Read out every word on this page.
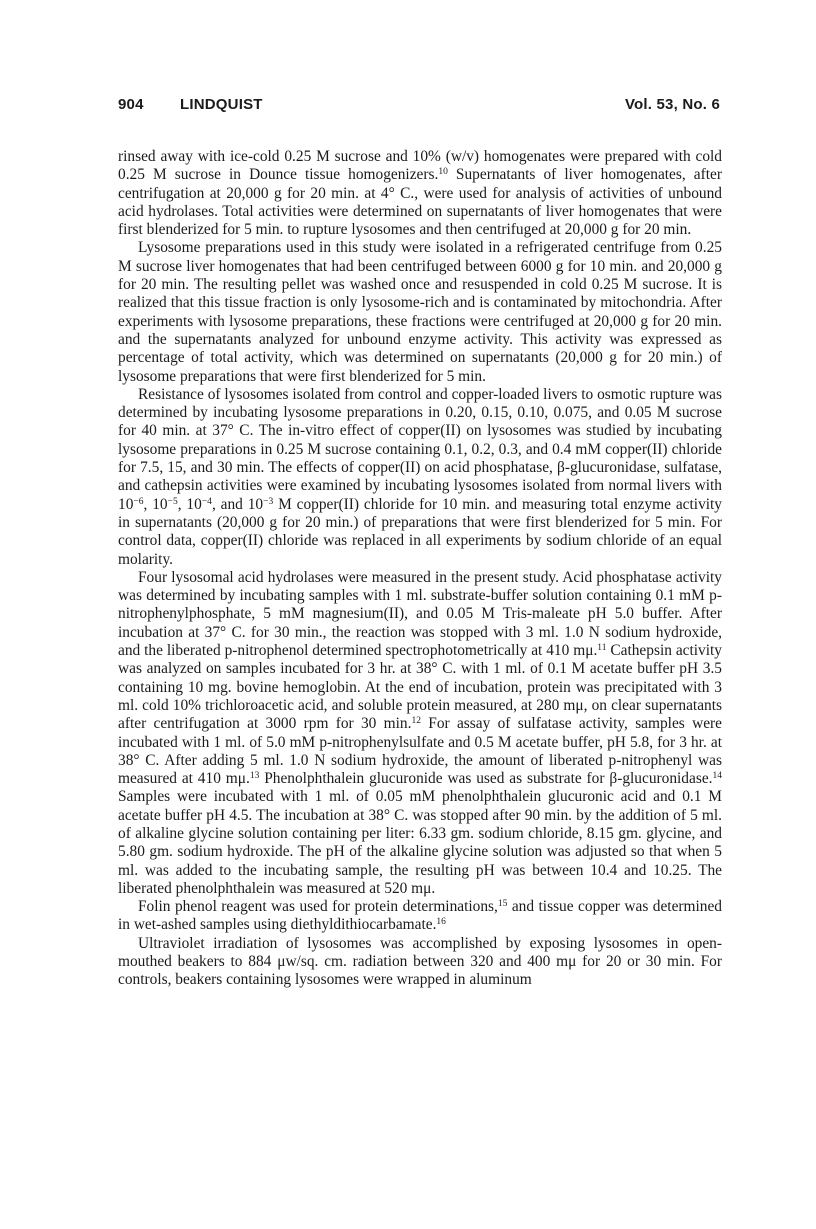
904 LINDQUIST	Vol. 53, No. 6

rinsed away with ice-cold 0.25 M sucrose and 10% (w/v) homogenates were prepared with cold 0.25 M sucrose in Dounce tissue homogenizers.$^{10}$ Supernatants of liver homogenates, after centrifugation at 20,000 g for 20 min. at 4° C., were used for analysis of activities of unbound acid hydrolases. Total activities were determined on supernatants of liver homogenates that were first blenderized for 5 min. to rupture lysosomes and then centrifuged at 20,000 g for 20 min.

Lysosome preparations used in this study were isolated in a refrigerated centrifuge from 0.25 M sucrose liver homogenates that had been centrifuged between 6000 g for 10 min. and 20,000 g for 20 min. The resulting pellet was washed once and resuspended in cold 0.25 M sucrose. It is realized that this tissue fraction is only lysosome-rich and is contaminated by mitochondria. After experiments with lysosome preparations, these fractions were centrifuged at 20,000 g for 20 min. and the supernatants analyzed for unbound enzyme activity. This activity was expressed as percentage of total activity, which was determined on supernatants (20,000 g for 20 min.) of lysosome preparations that were first blenderized for 5 min.

Resistance of lysosomes isolated from control and copper-loaded livers to osmotic rupture was determined by incubating lysosome preparations in 0.20, 0.15, 0.10, 0.075, and 0.05 M sucrose for 40 min. at 37° C. The in-vitro effect of copper(II) on lysosomes was studied by incubating lysosome preparations in 0.25 M sucrose containing 0.1, 0.2, 0.3, and 0.4 mM copper(II) chloride for 7.5, 15, and 30 min. The effects of copper(II) on acid phosphatase, β-glucuronidase, sulfatase, and cathepsin activities were examined by incubating lysosomes isolated from normal livers with $10^{-6}$, $10^{-5}$, $10^{-4}$, and $10^{-3}$ M copper(II) chloride for 10 min. and measuring total enzyme activity in supernatants (20,000 g for 20 min.) of preparations that were first blenderized for 5 min. For control data, copper(II) chloride was replaced in all experiments by sodium chloride of an equal molarity.

Four lysosomal acid hydrolases were measured in the present study. Acid phosphatase activity was determined by incubating samples with 1 ml. substrate-buffer solution containing 0.1 mM p-nitrophenylphosphate, 5 mM magnesium(II), and 0.05 M Tris-maleate pH 5.0 buffer. After incubation at 37° C. for 30 min., the reaction was stopped with 3 ml. 1.0 N sodium hydroxide, and the liberated p-nitrophenol determined spectrophotometrically at 410 mμ.$^{11}$ Cathepsin activity was analyzed on samples incubated for 3 hr. at 38° C. with 1 ml. of 0.1 M acetate buffer pH 3.5 containing 10 mg. bovine hemoglobin. At the end of incubation, protein was precipitated with 3 ml. cold 10% trichloroacetic acid, and soluble protein measured, at 280 mμ, on clear supernatants after centrifugation at 3000 rpm for 30 min.$^{12}$ For assay of sulfatase activity, samples were incubated with 1 ml. of 5.0 mM p-nitrophenylsulfate and 0.5 M acetate buffer, pH 5.8, for 3 hr. at 38° C. After adding 5 ml. 1.0 N sodium hydroxide, the amount of liberated p-nitrophenyl was measured at 410 mμ.$^{13}$ Phenolphthalein glucuronide was used as substrate for β-glucuronidase.$^{14}$ Samples were incubated with 1 ml. of 0.05 mM phenolphthalein glucuronic acid and 0.1 M acetate buffer pH 4.5. The incubation at 38° C. was stopped after 90 min. by the addition of 5 ml. of alkaline glycine solution containing per liter: 6.33 gm. sodium chloride, 8.15 gm. glycine, and 5.80 gm. sodium hydroxide. The pH of the alkaline glycine solution was adjusted so that when 5 ml. was added to the incubating sample, the resulting pH was between 10.4 and 10.25. The liberated phenolphthalein was measured at 520 mμ.

Folin phenol reagent was used for protein determinations,$^{15}$ and tissue copper was determined in wet-ashed samples using diethyldithiocarbamate.$^{16}$

Ultraviolet irradiation of lysosomes was accomplished by exposing lysosomes in open-mouthed beakers to 884 μw/sq. cm. radiation between 320 and 400 mμ for 20 or 30 min. For controls, beakers containing lysosomes were wrapped in aluminum
